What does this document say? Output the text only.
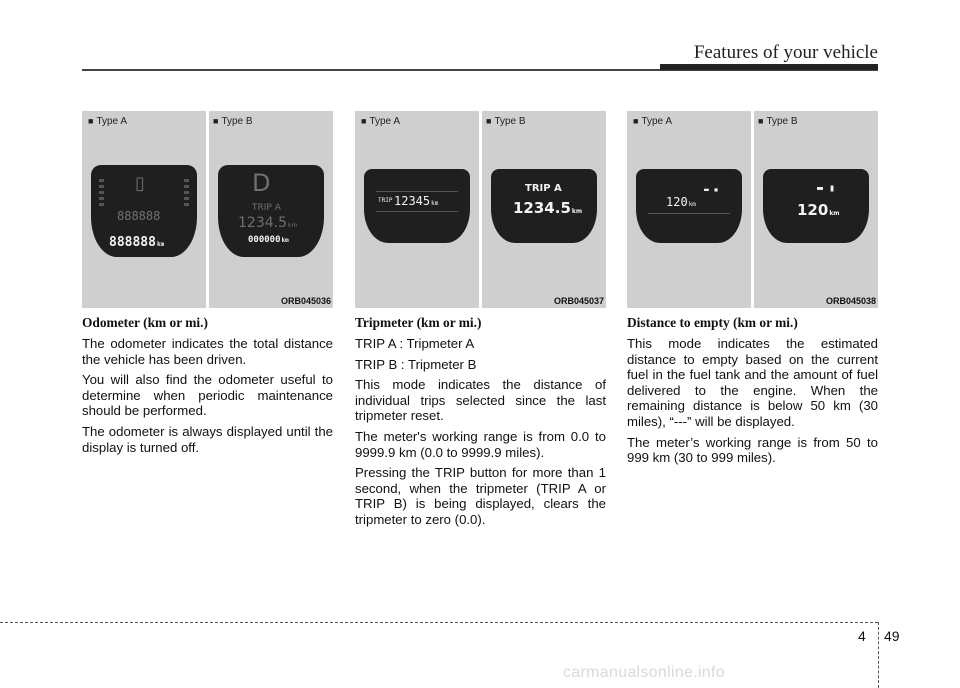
Features of your vehicle
■ Type A
▯
888888
888888km
■ Type B
D
TRIP A
1234.5km
000000km
ORB045036
■ Type A
TRIP 12345km
■ Type B
TRIP A
1234.5km
ORB045037
■ Type A
▬ ▪
120km
■ Type B
▬ ▮
120km
ORB045038
Odometer (km or mi.)

The odometer indicates the total distance the vehicle has been driven.

You will also find the odometer useful to determine when periodic maintenance should be performed.

The odometer is always displayed until the display is turned off.

Tripmeter (km or mi.)

TRIP A : Tripmeter A

TRIP B : Tripmeter B

This mode indicates the distance of individual trips selected since the last tripmeter reset.

The meter's working range is from 0.0 to 9999.9 km (0.0 to 9999.9 miles).

Pressing the TRIP button for more than 1 second, when the tripmeter (TRIP A or TRIP B) is being displayed, clears the tripmeter to zero (0.0).

Distance to empty (km or mi.)

This mode indicates the estimated distance to empty based on the current fuel in the fuel tank and the amount of fuel delivered to the engine. When the remaining distance is below 50 km (30 miles), “---” will be displayed.

The meter’s working range is from 50 to 999 km (30 to 999 miles).

4 49
carmanualsonline.info
